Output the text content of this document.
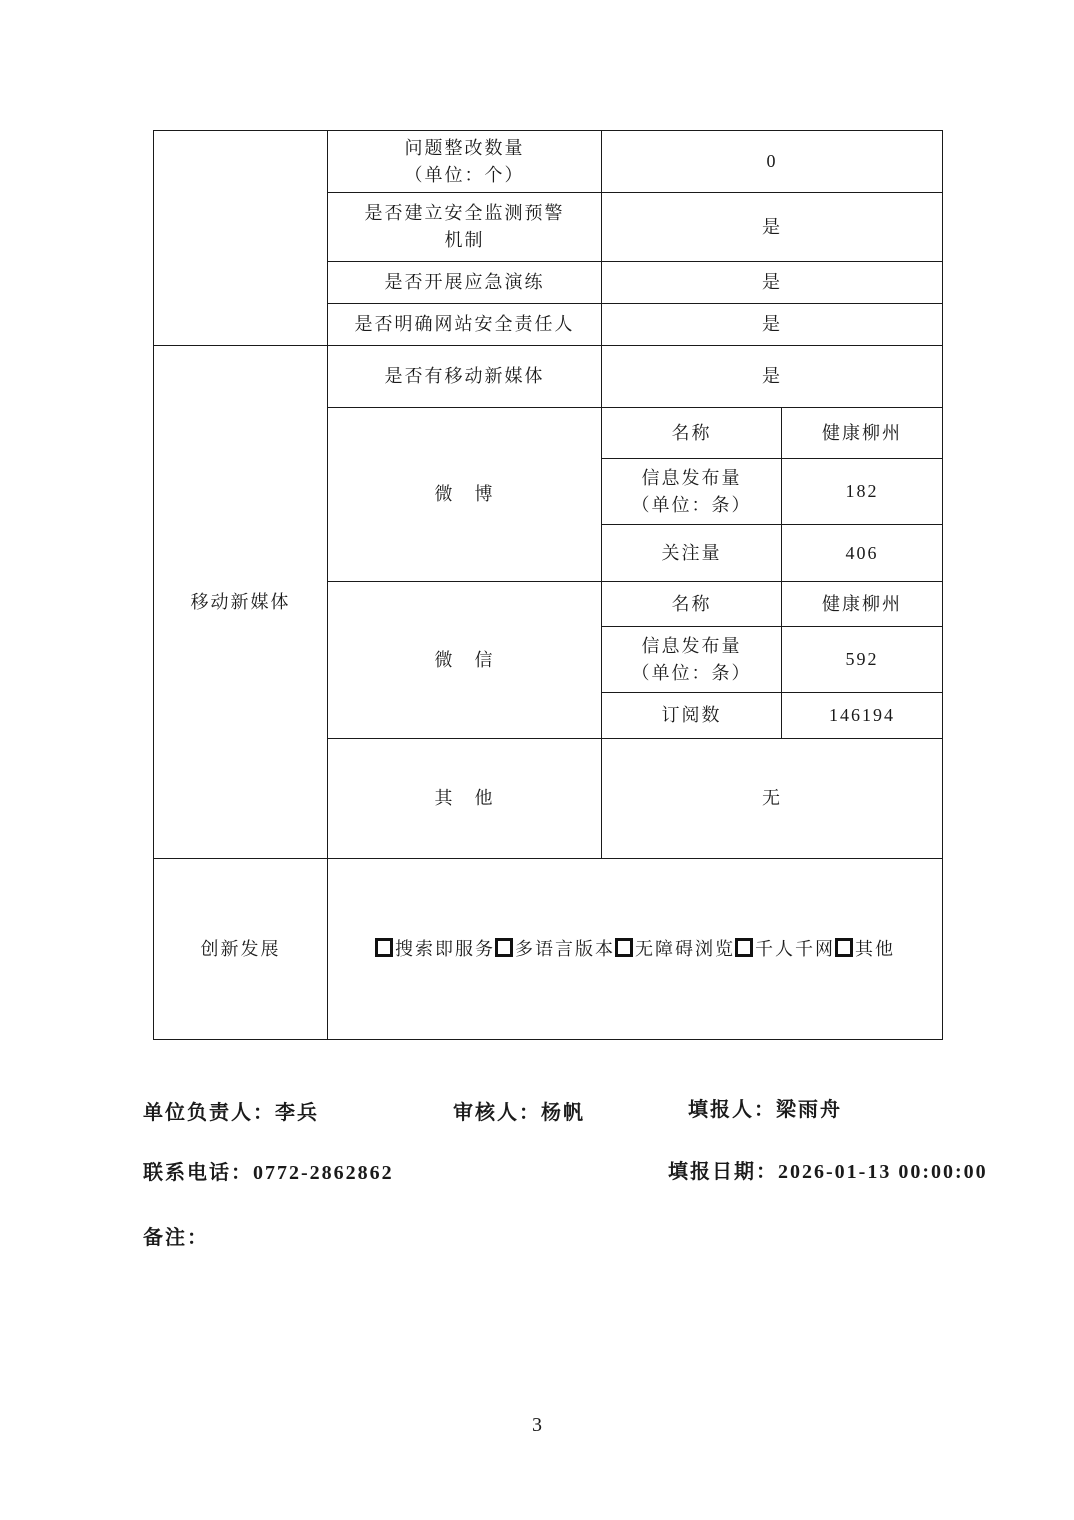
	问题整改数量
（单位：个）	0	

	是否建立安全监测预警
机制	是	
	是否开展应急演练	是	
	是否明确网站安全责任人	是	
移动新媒体	是否有移动新媒体	是	
	微　博	名称	健康柳州

		信息发布量
（单位：条）	182
		关注量	406
	微　信	名称	健康柳州

		信息发布量
（单位：条）	592
		订阅数	146194
	其　他	无	
创新发展	搜索即服务 多语言版本 无障碍浏览 千人千网 其他		
单位负责人：李兵	审核人：杨帆	填报人：梁雨舟
联系电话：0772-2862862	填报日期：2026-01-13 00:00:00
备注：
3
